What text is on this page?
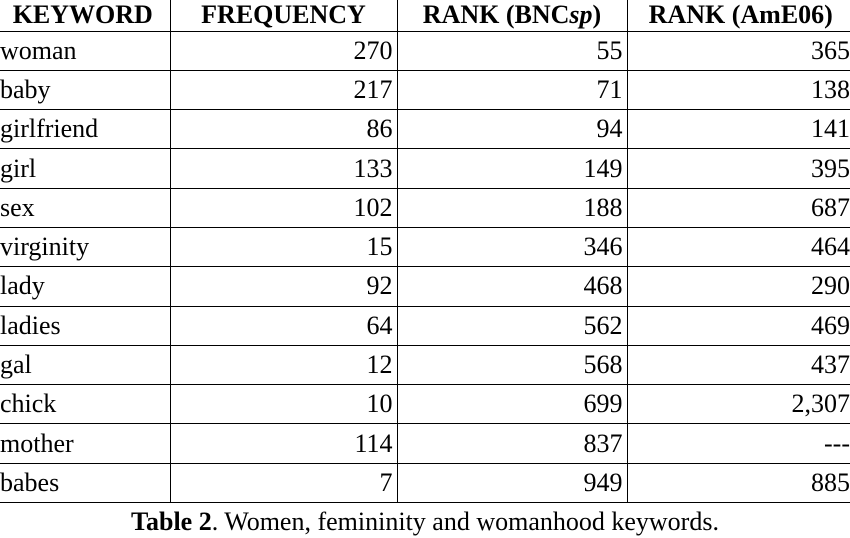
KEYWORD	FREQUENCY	RANK (BNCsp)	RANK (AmE06)
woman	270	55	365
baby	217	71	138
girlfriend	86	94	141
girl	133	149	395
sex	102	188	687
virginity	15	346	464
lady	92	468	290
ladies	64	562	469
gal	12	568	437
chick	10	699	2,307
mother	114	837	---
babes	7	949	885
Table 2. Women, femininity and womanhood keywords.
